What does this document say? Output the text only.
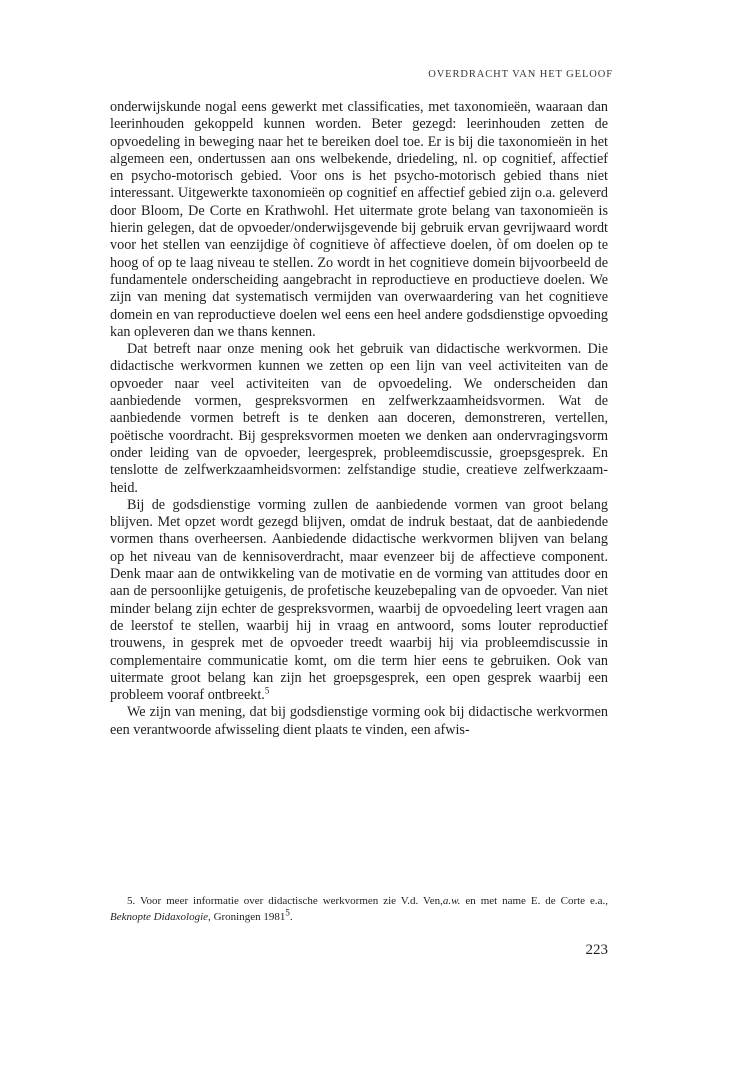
OVERDRACHT VAN HET GELOOF

onderwijskunde nogal eens gewerkt met classificaties, met taxonomieën, waaraan dan leerinhouden gekoppeld kunnen worden. Beter gezegd: leerinhouden zetten de opvoedeling in beweging naar het te bereiken doel toe. Er is bij die taxonomieën in het algemeen een, ondertussen aan ons welbekende, driedeling, nl. op cognitief, affectief en psycho-motorisch gebied. Voor ons is het psycho-motorisch gebied thans niet interessant. Uitgewerkte taxonomieën op cognitief en affectief gebied zijn o.a. geleverd door Bloom, De Corte en Krathwohl. Het uitermate grote belang van taxonomieën is hierin gelegen, dat de opvoeder/onderwijsgevende bij gebruik ervan gevrijwaard wordt voor het stellen van eenzijdige òf cognitieve òf affectieve doelen, òf om doelen op te hoog of op te laag niveau te stellen. Zo wordt in het cognitieve domein bijvoorbeeld de fundamentele onderscheiding aangebracht in reproductieve en productieve doelen. We zijn van mening dat systematisch vermijden van overwaardering van het cognitieve domein en van reproductieve doelen wel eens een heel andere godsdienstige opvoeding kan opleveren dan we thans kennen.

Dat betreft naar onze mening ook het gebruik van didactische werkvormen. Die didactische werkvormen kunnen we zetten op een lijn van veel activiteiten van de opvoeder naar veel activiteiten van de opvoedeling. We onderscheiden dan aanbiedende vormen, gespreksvormen en zelfwerkzaamheidsvormen. Wat de aanbiedende vormen betreft is te denken aan doceren, demonstreren, vertellen, poëtische voordracht. Bij gespreksvormen moeten we denken aan ondervragingsvorm onder leiding van de opvoeder, leergesprek, probleemdiscussie, groepsgesprek. En tenslotte de zelfwerkzaamheidsvormen: zelfstandige studie, creatieve zelfwerkzaamheid.

Bij de godsdienstige vorming zullen de aanbiedende vormen van groot belang blijven. Met opzet wordt gezegd blijven, omdat de indruk bestaat, dat de aanbiedende vormen thans overheersen. Aanbiedende didactische werkvormen blijven van belang op het niveau van de kennisoverdracht, maar evenzeer bij de affectieve component. Denk maar aan de ontwikkeling van de motivatie en de vorming van attitudes door en aan de persoonlijke getuigenis, de profetische keuzebepaling van de opvoeder. Van niet minder belang zijn echter de gespreksvormen, waarbij de opvoedeling leert vragen aan de leerstof te stellen, waarbij hij in vraag en antwoord, soms louter reproductief trouwens, in gesprek met de opvoeder treedt waarbij hij via probleemdiscussie in complementaire communicatie komt, om die term hier eens te gebruiken. Ook van uitermate groot belang kan zijn het groepsgesprek, een open gesprek waarbij een probleem vooraf ontbreekt.$^5$

We zijn van mening, dat bij godsdienstige vorming ook bij didactische werkvormen een verantwoorde afwisseling dient plaats te vinden, een afwis-

5. Voor meer informatie over didactische werkvormen zie V.d. Ven,a.w. en met name E. de Corte e.a., Beknopte Didaxologie, Groningen 1981$^5$.
223
